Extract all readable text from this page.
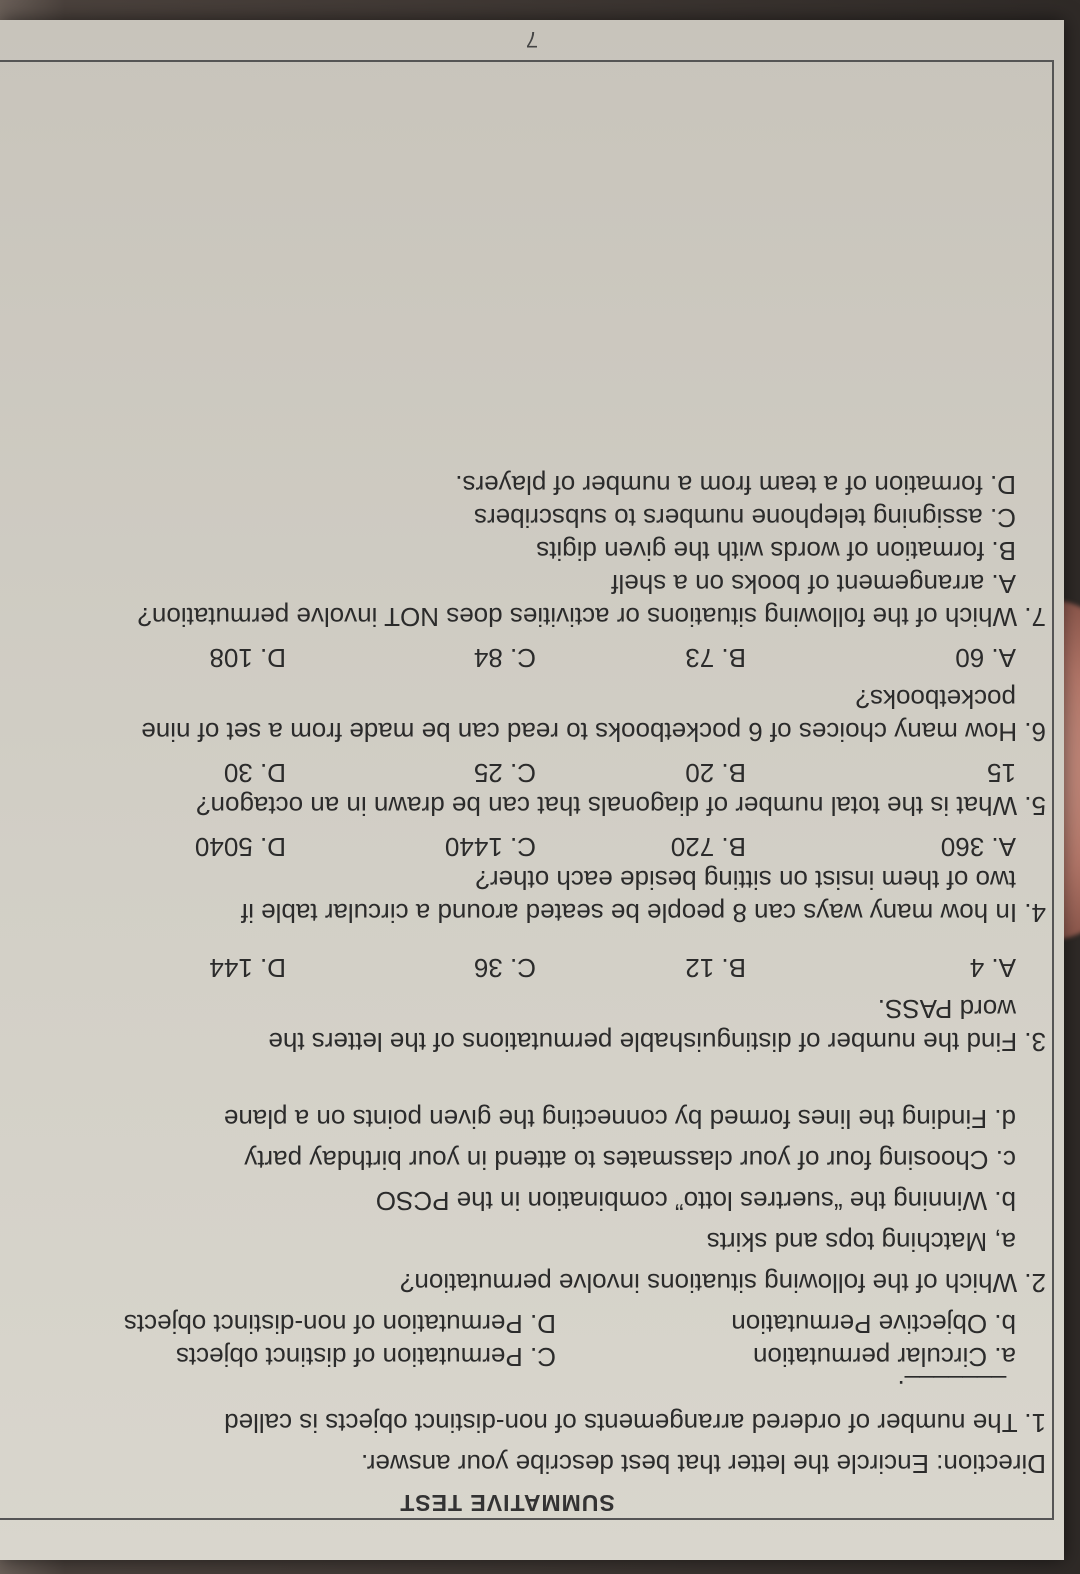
SUMMATIVE TEST
Direction: Encircle the letter that best describe your answer.
1. The number of ordered arrangements of non-distinct objects is called
_______.
a. Circular permutation
C. Permutation of distinct objects
b. Objective Permutation
D. Permutation of non-distinct objects
2. Which of the following situations involve permutation?
a, Matching tops and skirts
b. Winning the “suertres lotto” combination in the PCSO
c. Choosing four of your classmates to attend in your birthday party
d. Finding the lines formed by connecting the given points on a plane
3. Find the number of distinguishable permutations of the letters the
word PASS.
A. 4
B. 12
C. 36
D. 144
4. In how many ways can 8 people be seated around a circular table if
two of them insist on sitting beside each other?
A. 360
B. 720
C. 1440
D. 5040
5. What is the total number of diagonals that can be drawn in an octagon?
15
B. 20
C. 25
D. 30
6. How many choices of 6 pocketbooks to read can be made from a set of nine
pocketbooks?
A. 60
B. 73
C. 84
D. 108
7. Which of the following situations or activities does NOT involve permutation?
A. arrangement of books on a shelf
B. formation of words with the given digits
C. assigning telephone numbers to subscribers
D. formation of a team from a number of players.
7
